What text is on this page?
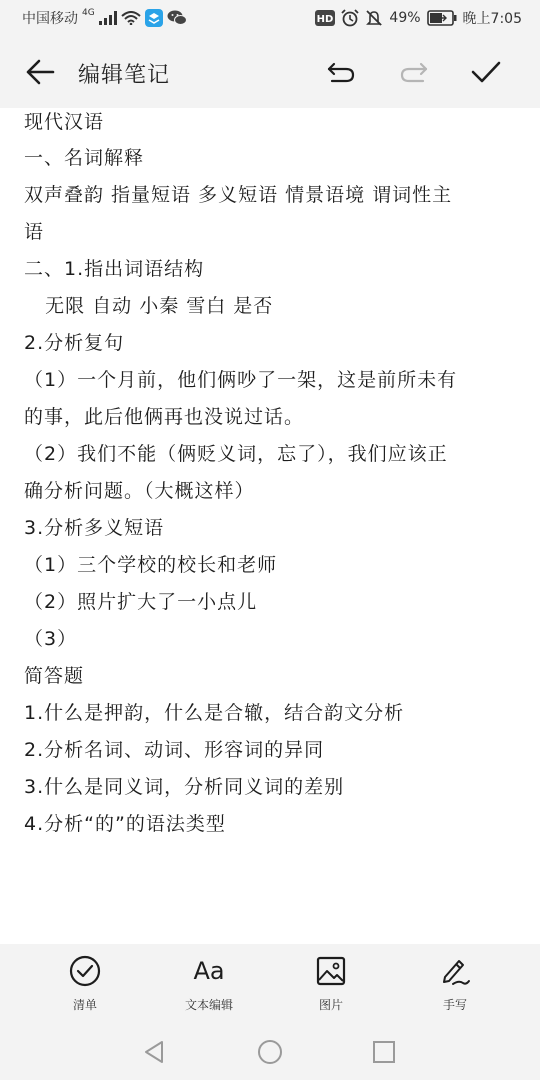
中国移动 4G
HD	49%	晚上7:05
编辑笔记
现代汉语
一、名词解释
双声叠韵 指量短语 多义短语 情景语境 谓词性主
语
二、1.指出词语结构
无限 自动 小秦 雪白 是否
2.分析复句
（1）一个月前，他们俩吵了一架，这是前所未有
的事，此后他俩再也没说过话。
（2）我们不能（俩贬义词，忘了），我们应该正
确分析问题。（大概这样）
3.分析多义短语
（1）三个学校的校长和老师
（2）照片扩大了一小点儿
（3）
简答题
1.什么是押韵，什么是合辙，结合韵文分析
2.分析名词、动词、形容词的异同
3.什么是同义词，分析同义词的差别
4.分析“的”的语法类型
清单
Aa
文本编辑	图片	手写
